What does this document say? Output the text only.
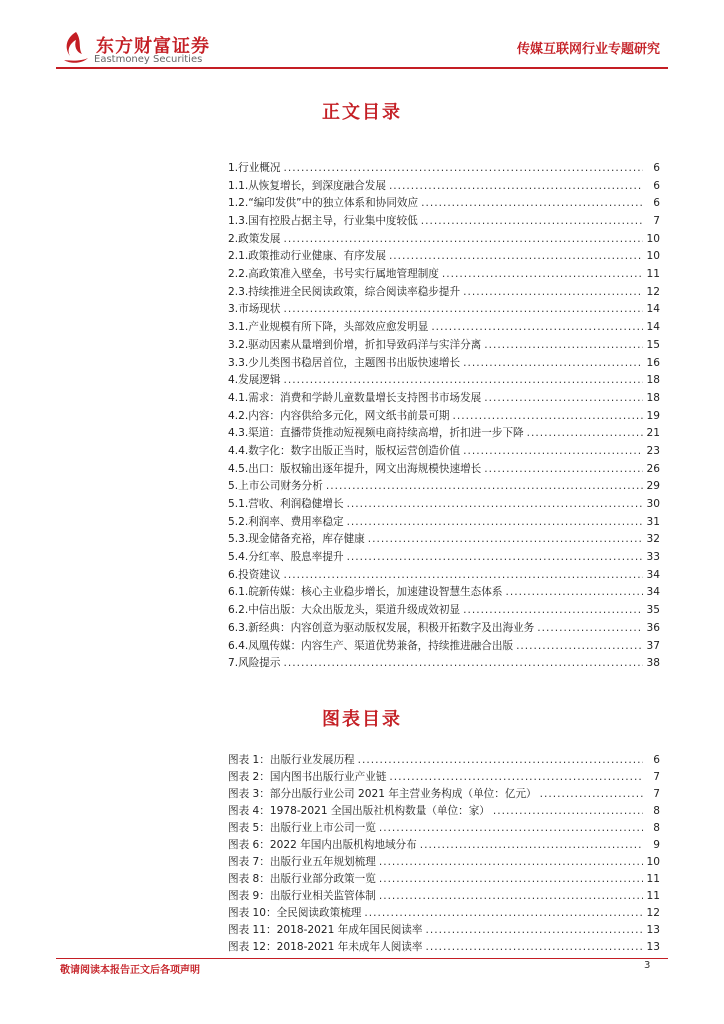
东方财富证券
Eastmoney Securities
传媒互联网行业专题研究
正文目录
1.行业概况 .....	6
1.1.从恢复增长，到深度融合发展 .....	6
1.2.“编印发供”中的独立体系和协同效应 .....	6
1.3.国有控股占据主导，行业集中度较低 .....	7
2.政策发展 .....	10
2.1.政策推动行业健康、有序发展 .....	10
2.2.高政策准入壁垒，书号实行属地管理制度 .....	11
2.3.持续推进全民阅读政策，综合阅读率稳步提升 .....	12
3.市场现状 .....	14
3.1.产业规模有所下降，头部效应愈发明显 .....	14
3.2.驱动因素从量增到价增，折扣导致码洋与实洋分离 .....	15
3.3.少儿类图书稳居首位，主题图书出版快速增长 .....	16
4.发展逻辑 .....	18
4.1.需求：消费和学龄儿童数量增长支持图书市场发展 .....	18
4.2.内容：内容供给多元化，网文纸书前景可期 .....	19
4.3.渠道：直播带货推动短视频电商持续高增，折扣进一步下降 .....	21
4.4.数字化：数字出版正当时，版权运营创造价值 .....	23
4.5.出口：版权输出逐年提升，网文出海规模快速增长 .....	26
5.上市公司财务分析 .....	29
5.1.营收、利润稳健增长 .....	30
5.2.利润率、费用率稳定 .....	31
5.3.现金储备充裕，库存健康 .....	32
5.4.分红率、股息率提升 .....	33
6.投资建议 .....	34
6.1.皖新传媒：核心主业稳步增长，加速建设智慧生态体系 .....	34
6.2.中信出版：大众出版龙头，渠道升级成效初显 .....	35
6.3.新经典：内容创意为驱动版权发展，积极开拓数字及出海业务 .....	36
6.4.凤凰传媒：内容生产、渠道优势兼备，持续推进融合出版 .....	37
7.风险提示 .....	38
图表目录
图表 1：出版行业发展历程 .....	6
图表 2：国内图书出版行业产业链 .....	7
图表 3：部分出版行业公司 2021 年主营业务构成（单位：亿元） .....	7
图表 4：1978-2021 全国出版社机构数量（单位：家） .....	8
图表 5：出版行业上市公司一览 .....	8
图表 6：2022 年国内出版机构地域分布 .....	9
图表 7：出版行业五年规划梳理 .....	10
图表 8：出版行业部分政策一览 .....	11
图表 9：出版行业相关监管体制 .....	11
图表 10：全民阅读政策梳理 .....	12
图表 11：2018-2021 年成年国民阅读率 .....	13
图表 12：2018-2021 年未成年人阅读率 .....	13
敬请阅读本报告正文后各项声明	3
